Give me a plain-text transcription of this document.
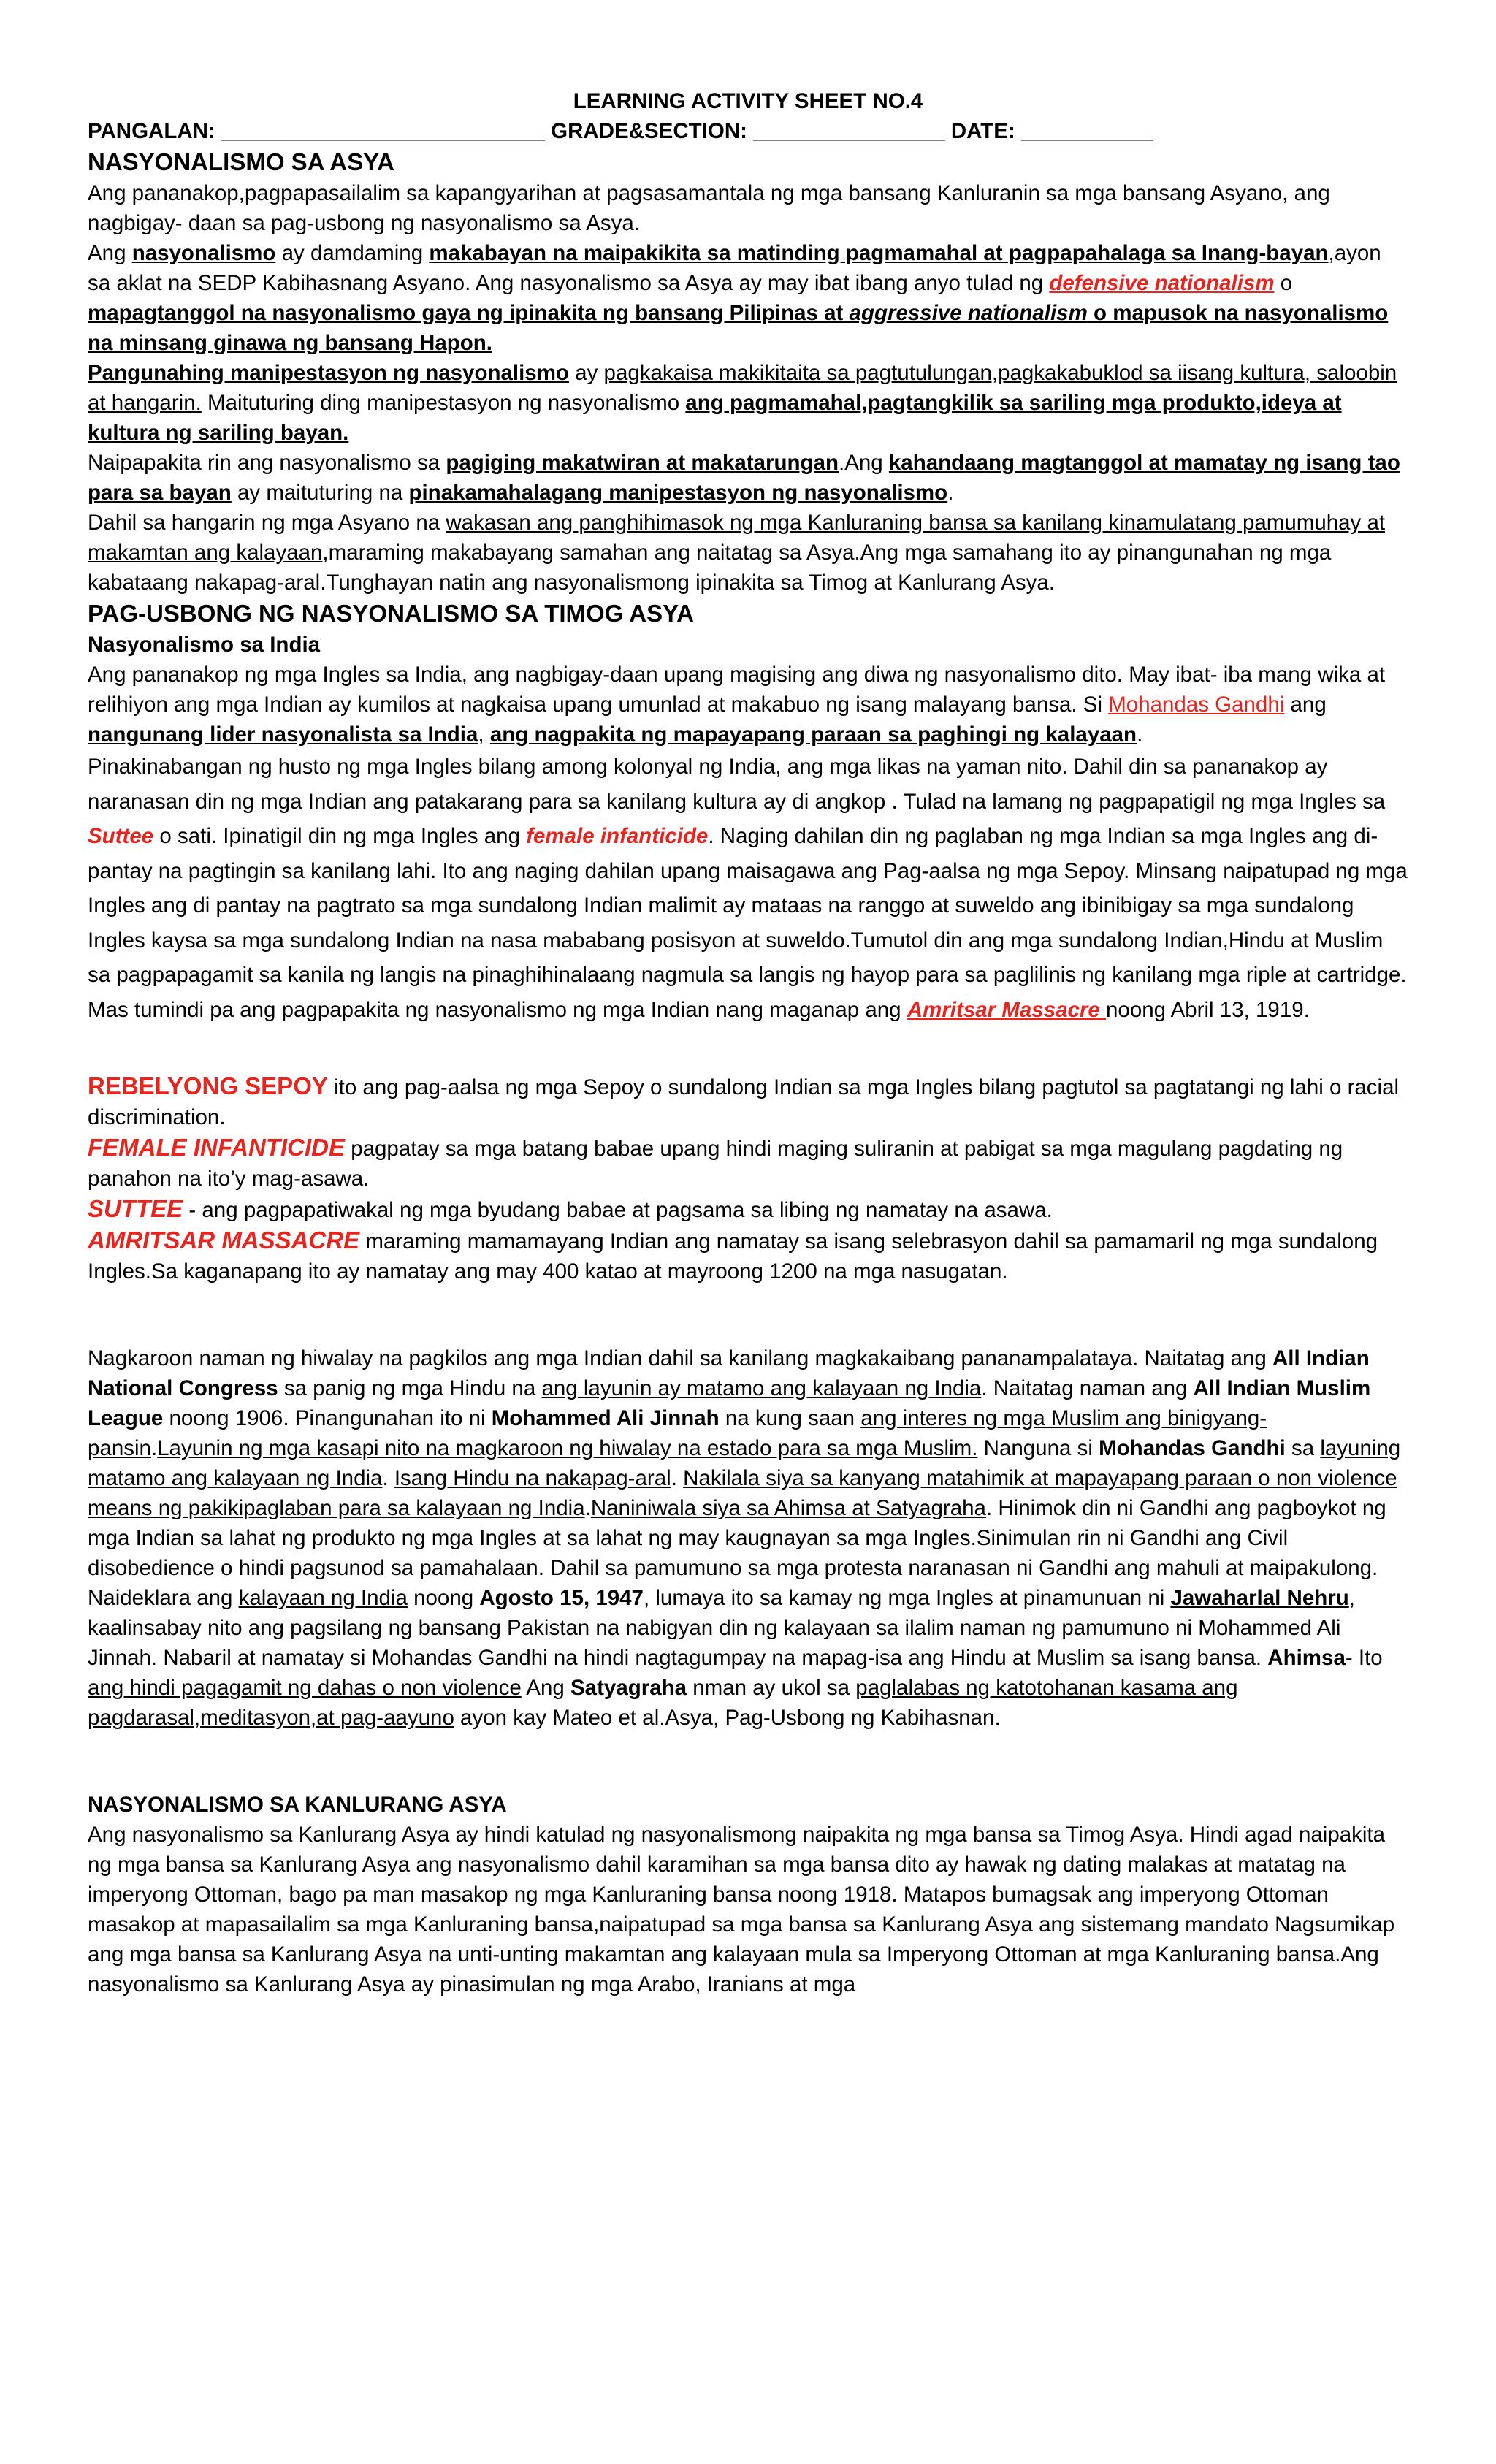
LEARNING ACTIVITY SHEET NO.4

PANGALAN: ___________________________ GRADE&SECTION: ________________ DATE: ___________

NASYONALISMO SA ASYA

Ang pananakop,pagpapasailalim sa kapangyarihan at pagsasamantala ng mga bansang Kanluranin sa mga bansang Asyano, ang nagbigay- daan sa pag-usbong ng nasyonalismo sa Asya.

Ang nasyonalismo ay damdaming makabayan na maipakikita sa matinding pagmamahal at pagpapahalaga sa Inang-bayan,ayon sa aklat na SEDP Kabihasnang Asyano. Ang nasyonalismo sa Asya ay may ibat ibang anyo tulad ng defensive nationalism o mapagtanggol na nasyonalismo gaya ng ipinakita ng bansang Pilipinas at aggressive nationalism o mapusok na nasyonalismo na minsang ginawa ng bansang Hapon.

Pangunahing manipestasyon ng nasyonalismo ay pagkakaisa makikitaita sa pagtutulungan,pagkakabuklod sa iisang kultura, saloobin at hangarin. Maituturing ding manipestasyon ng nasyonalismo ang pagmamahal,pagtangkilik sa sariling mga produkto,ideya at kultura ng sariling bayan.

Naipapakita rin ang nasyonalismo sa pagiging makatwiran at makatarungan.Ang kahandaang magtanggol at mamatay ng isang tao para sa bayan ay maituturing na pinakamahalagang manipestasyon ng nasyonalismo.

Dahil sa hangarin ng mga Asyano na wakasan ang panghihimasok ng mga Kanluraning bansa sa kanilang kinamulatang pamumuhay at makamtan ang kalayaan,maraming makabayang samahan ang naitatag sa Asya.Ang mga samahang ito ay pinangunahan ng mga kabataang nakapag-aral.Tunghayan natin ang nasyonalismong ipinakita sa Timog at Kanlurang Asya.

PAG-USBONG NG NASYONALISMO SA TIMOG ASYA

Nasyonalismo sa India

Ang pananakop ng mga Ingles sa India, ang nagbigay-daan upang magising ang diwa ng nasyonalismo dito. May ibat- iba mang wika at relihiyon ang mga Indian ay kumilos at nagkaisa upang umunlad at makabuo ng isang malayang bansa. Si Mohandas Gandhi ang nangunang lider nasyonalista sa India, ang nagpakita ng mapayapang paraan sa paghingi ng kalayaan.

Pinakinabangan ng husto ng mga Ingles bilang among kolonyal ng India, ang mga likas na yaman nito. Dahil din sa pananakop ay naranasan din ng mga Indian ang patakarang para sa kanilang kultura ay di angkop . Tulad na lamang ng pagpapatigil ng mga Ingles sa Suttee o sati. Ipinatigil din ng mga Ingles ang female infanticide. Naging dahilan din ng paglaban ng mga Indian sa mga Ingles ang di- pantay na pagtingin sa kanilang lahi. Ito ang naging dahilan upang maisagawa ang Pag-aalsa ng mga Sepoy. Minsang naipatupad ng mga Ingles ang di pantay na pagtrato sa mga sundalong Indian malimit ay mataas na ranggo at suweldo ang ibinibigay sa mga sundalong Ingles kaysa sa mga sundalong Indian na nasa mababang posisyon at suweldo.Tumutol din ang mga sundalong Indian,Hindu at Muslim sa pagpapagamit sa kanila ng langis na pinaghihinalaang nagmula sa langis ng hayop para sa paglilinis ng kanilang mga riple at cartridge. Mas tumindi pa ang pagpapakita ng nasyonalismo ng mga Indian nang maganap ang Amritsar Massacre noong Abril 13, 1919.

REBELYONG SEPOY ito ang pag-aalsa ng mga Sepoy o sundalong Indian sa mga Ingles bilang pagtutol sa pagtatangi ng lahi o racial discrimination.

FEMALE INFANTICIDE pagpatay sa mga batang babae upang hindi maging suliranin at pabigat sa mga magulang pagdating ng panahon na ito’y mag-asawa.

SUTTEE - ang pagpapatiwakal ng mga byudang babae at pagsama sa libing ng namatay na asawa.

AMRITSAR MASSACRE maraming mamamayang Indian ang namatay sa isang selebrasyon dahil sa pamamaril ng mga sundalong Ingles.Sa kaganapang ito ay namatay ang may 400 katao at mayroong 1200 na mga nasugatan.

Nagkaroon naman ng hiwalay na pagkilos ang mga Indian dahil sa kanilang magkakaibang pananampalataya. Naitatag ang All Indian National Congress sa panig ng mga Hindu na ang layunin ay matamo ang kalayaan ng India. Naitatag naman ang All Indian Muslim League noong 1906. Pinangunahan ito ni Mohammed Ali Jinnah na kung saan ang interes ng mga Muslim ang binigyang-pansin.Layunin ng mga kasapi nito na magkaroon ng hiwalay na estado para sa mga Muslim. Nanguna si Mohandas Gandhi sa layuning matamo ang kalayaan ng India. Isang Hindu na nakapag-aral. Nakilala siya sa kanyang matahimik at mapayapang paraan o non violence means ng pakikipaglaban para sa kalayaan ng India.Naniniwala siya sa Ahimsa at Satyagraha. Hinimok din ni Gandhi ang pagboykot ng mga Indian sa lahat ng produkto ng mga Ingles at sa lahat ng may kaugnayan sa mga Ingles.Sinimulan rin ni Gandhi ang Civil disobedience o hindi pagsunod sa pamahalaan. Dahil sa pamumuno sa mga protesta naranasan ni Gandhi ang mahuli at maipakulong. Naideklara ang kalayaan ng India noong Agosto 15, 1947, lumaya ito sa kamay ng mga Ingles at pinamunuan ni Jawaharlal Nehru, kaalinsabay nito ang pagsilang ng bansang Pakistan na nabigyan din ng kalayaan sa ilalim naman ng pamumuno ni Mohammed Ali Jinnah. Nabaril at namatay si Mohandas Gandhi na hindi nagtagumpay na mapag-isa ang Hindu at Muslim sa isang bansa. Ahimsa- Ito ang hindi pagagamit ng dahas o non violence Ang Satyagraha nman ay ukol sa paglalabas ng katotohanan kasama ang pagdarasal,meditasyon,at pag-aayuno ayon kay Mateo et al.Asya, Pag-Usbong ng Kabihasnan.

NASYONALISMO SA KANLURANG ASYA

Ang nasyonalismo sa Kanlurang Asya ay hindi katulad ng nasyonalismong naipakita ng mga bansa sa Timog Asya. Hindi agad naipakita ng mga bansa sa Kanlurang Asya ang nasyonalismo dahil karamihan sa mga bansa dito ay hawak ng dating malakas at matatag na imperyong Ottoman, bago pa man masakop ng mga Kanluraning bansa noong 1918. Matapos bumagsak ang imperyong Ottoman masakop at mapasailalim sa mga Kanluraning bansa,naipatupad sa mga bansa sa Kanlurang Asya ang sistemang mandato Nagsumikap ang mga bansa sa Kanlurang Asya na unti-unting makamtan ang kalayaan mula sa Imperyong Ottoman at mga Kanluraning bansa.Ang nasyonalismo sa Kanlurang Asya ay pinasimulan ng mga Arabo, Iranians at mga
